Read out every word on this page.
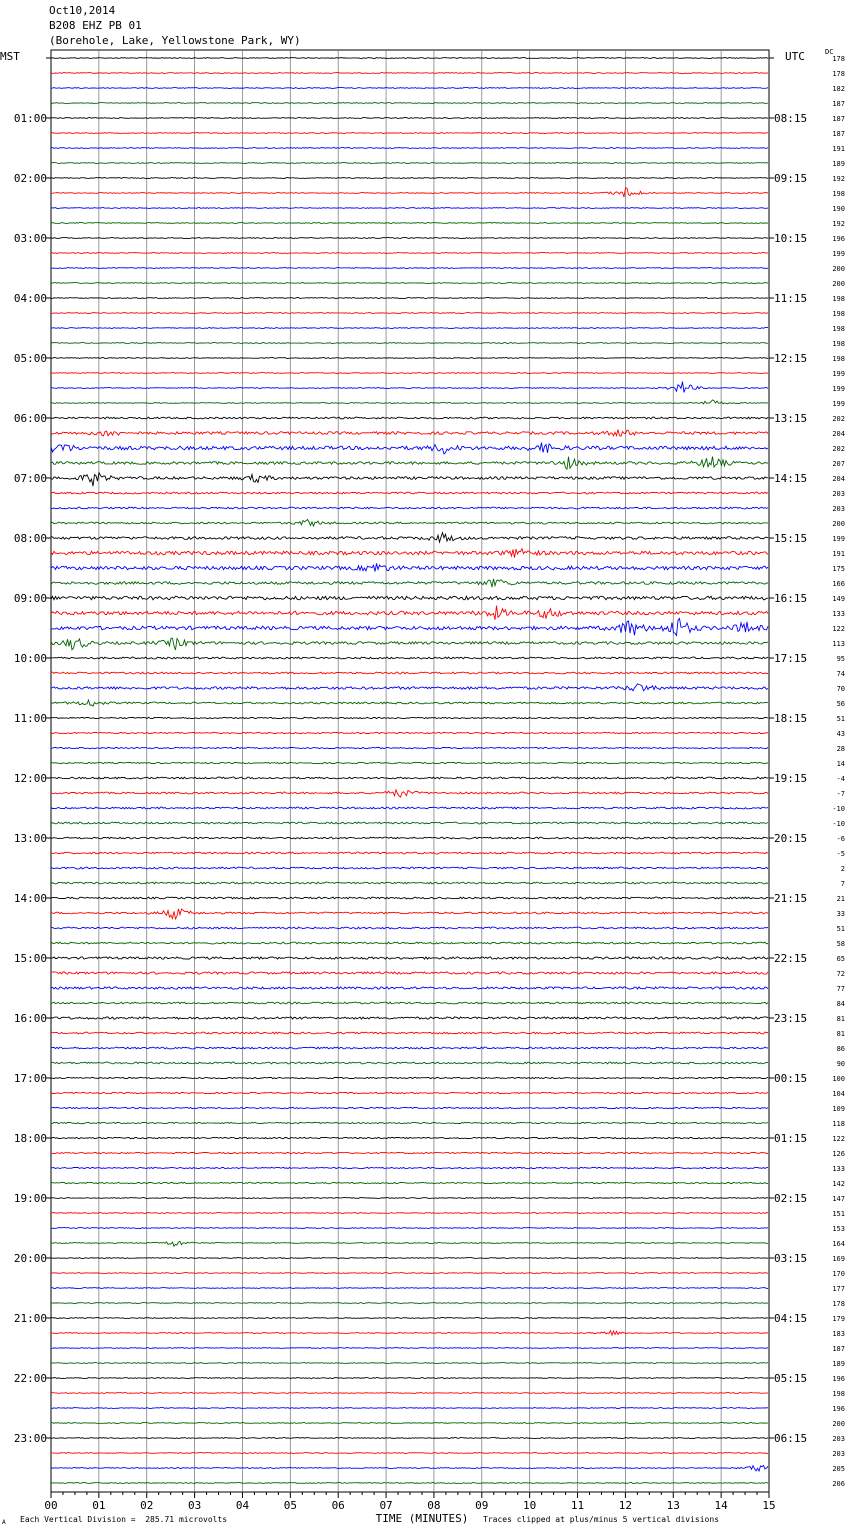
Oct10,2014
B208 EHZ PB 01
(Borehole, Lake, Yellowstone Park, WY)
MST	UTC	DC
00	01	02	03	04	05	06	07	08	09	10	11	12	13	14	15
178
178
182
187
187
01:00	08:15
187
191
189
192
02:00	09:15
198
190
192
196
03:00	10:15
199
200
200
198
04:00	11:15
198
198
198
198
05:00	12:15
199
199
199
202
06:00	13:15
204
202
207
204
07:00	14:15
203
203
200
199
08:00	15:15
191
175
166
149
09:00	16:15
133
122
113
95
10:00	17:15
74
70
56
51
11:00	18:15
43
28
14
-4
12:00	19:15
-7
-10
-10
-6
13:00	20:15
-5
2
7
21
14:00	21:15
33
51
58
65
15:00	22:15
72
77
84
81
16:00	23:15
81
86
90
100
17:00	00:15
104
109
118
122
18:00	01:15
126
133
142
147
19:00	02:15
151
153
164
169
20:00	03:15
170
177
178
179
21:00	04:15
183
187
189
196
22:00	05:15
198
196
200
203
23:00	06:15
203
205
206
TIME (MINUTES)
A Each Vertical Division =  285.71 microvolts	Traces clipped at plus/minus 5 vertical divisions
